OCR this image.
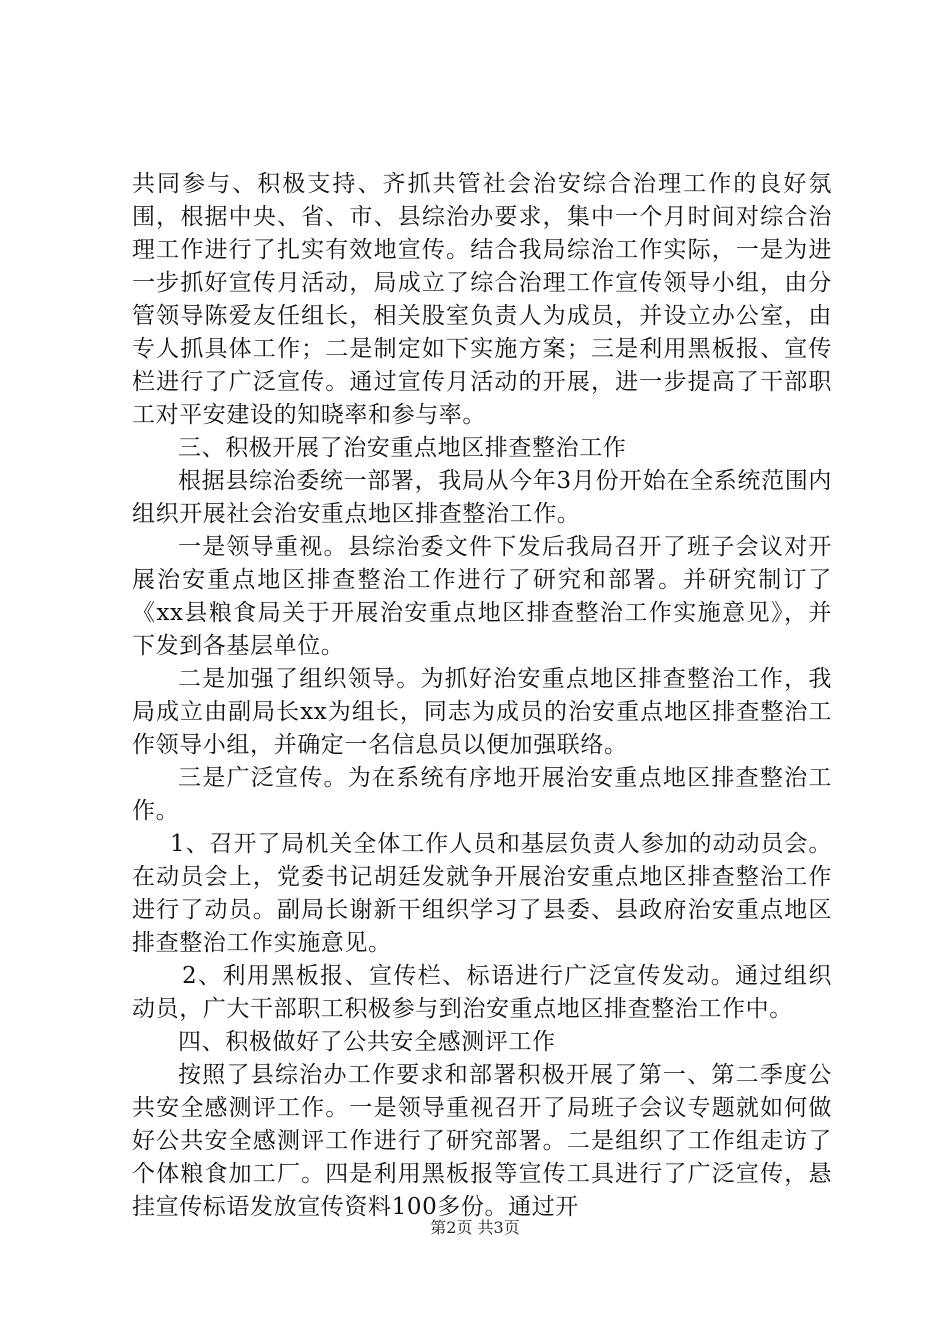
共同参与、积极支持、齐抓共管社会治安综合治理工作的良好氛围，根据中央、省、市、县综治办要求，集中一个月时间对综合治理工作进行了扎实有效地宣传。结合我局综治工作实际，一是为进一步抓好宣传月活动，局成立了综合治理工作宣传领导小组，由分管领导陈爱友任组长，相关股室负责人为成员，并设立办公室，由专人抓具体工作；二是制定如下实施方案；三是利用黑板报、宣传栏进行了广泛宣传。通过宣传月活动的开展，进一步提高了干部职工对平安建设的知晓率和参与率。

三、积极开展了治安重点地区排查整治工作

根据县综治委统一部署，我局从今年3月份开始在全系统范围内组织开展社会治安重点地区排查整治工作。

一是领导重视。县综治委文件下发后我局召开了班子会议对开展治安重点地区排查整治工作进行了研究和部署。并研究制订了《xx县粮食局关于开展治安重点地区排查整治工作实施意见》，并下发到各基层单位。

二是加强了组织领导。为抓好治安重点地区排查整治工作，我局成立由副局长xx为组长，同志为成员的治安重点地区排查整治工作领导小组，并确定一名信息员以便加强联络。

三是广泛宣传。为在系统有序地开展治安重点地区排查整治工作。

1、召开了局机关全体工作人员和基层负责人参加的动动员会。在动员会上，党委书记胡廷发就争开展治安重点地区排查整治工作进行了动员。副局长谢新干组织学习了县委、县政府治安重点地区排查整治工作实施意见。

2、利用黑板报、宣传栏、标语进行广泛宣传发动。通过组织动员，广大干部职工积极参与到治安重点地区排查整治工作中。

四、积极做好了公共安全感测评工作

按照了县综治办工作要求和部署积极开展了第一、第二季度公共安全感测评工作。一是领导重视召开了局班子会议专题就如何做好公共安全感测评工作进行了研究部署。二是组织了工作组走访了个体粮食加工厂。四是利用黑板报等宣传工具进行了广泛宣传，悬挂宣传标语发放宣传资料100多份。通过开

第2页 共3页
